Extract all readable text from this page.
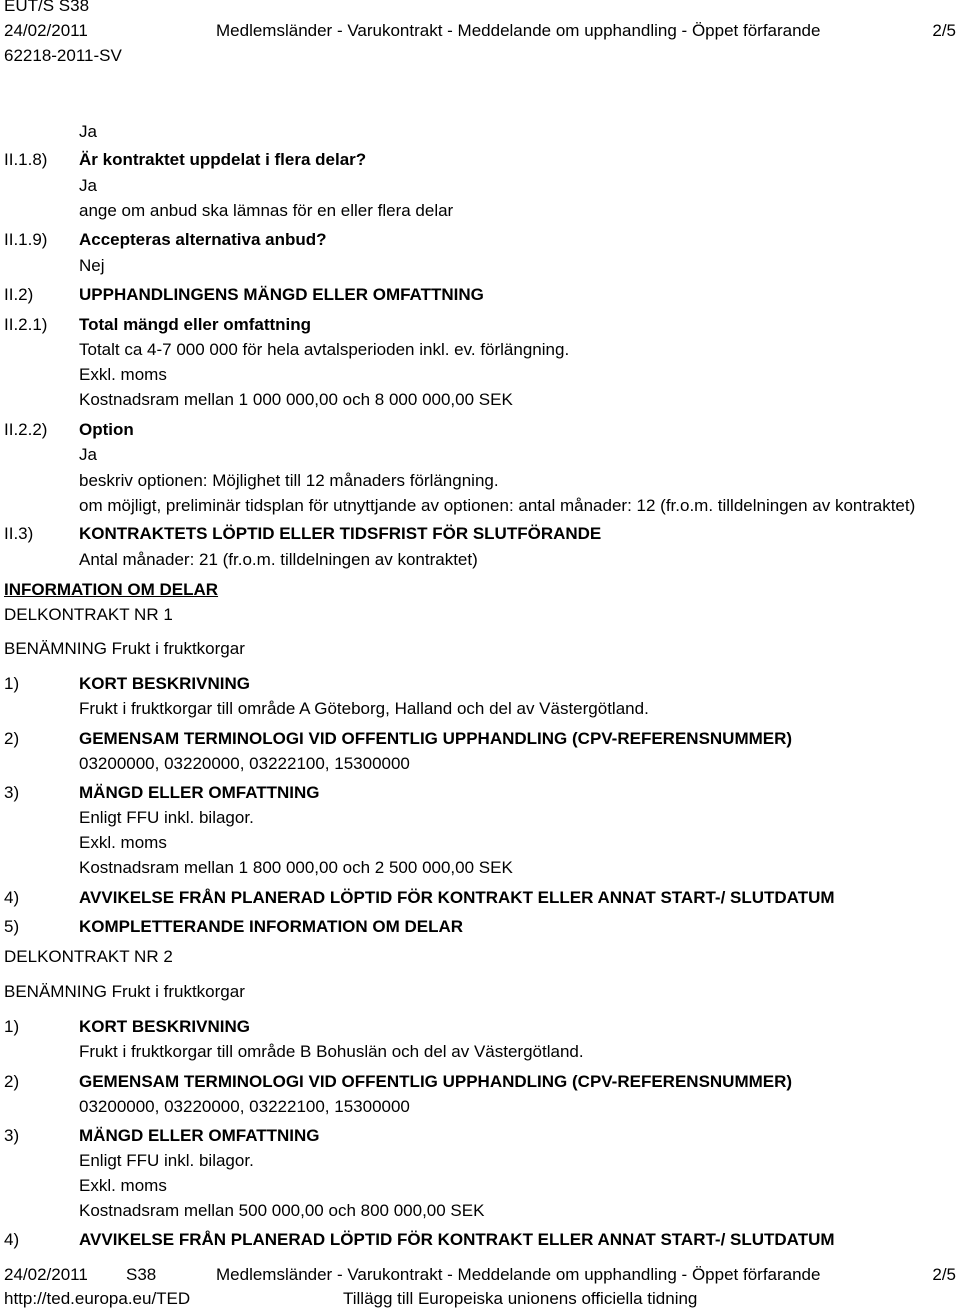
EUT/S S38
24/02/2011	Medlemsländer - Varukontrakt - Meddelande om upphandling - Öppet förfarande	2/5
62218-2011-SV
Ja
II.1.8) Är kontraktet uppdelat i flera delar?
Ja
ange om anbud ska lämnas för en eller flera delar
II.1.9) Accepteras alternativa anbud?
Nej
II.2)	UPPHANDLINGENS MÄNGD ELLER OMFATTNING
II.2.1) Total mängd eller omfattning
Totalt ca 4-7 000 000 för hela avtalsperioden inkl. ev. förlängning.
Exkl. moms
Kostnadsram mellan 1 000 000,00 och 8 000 000,00 SEK
II.2.2) Option
Ja
beskriv optionen: Möjlighet till 12 månaders förlängning.
om möjligt, preliminär tidsplan för utnyttjande av optionen: antal månader: 12 (fr.o.m. tilldelningen av kontraktet)
II.3)	KONTRAKTETS LÖPTID ELLER TIDSFRIST FÖR SLUTFÖRANDE
Antal månader: 21 (fr.o.m. tilldelningen av kontraktet)
INFORMATION OM DELAR
DELKONTRAKT NR 1
BENÄMNING Frukt i fruktkorgar
1)	KORT BESKRIVNING
Frukt i fruktkorgar till område A Göteborg, Halland och del av Västergötland.
2)	GEMENSAM TERMINOLOGI VID OFFENTLIG UPPHANDLING (CPV-REFERENSNUMMER)
03200000, 03220000, 03222100, 15300000
3)	MÄNGD ELLER OMFATTNING
Enligt FFU inkl. bilagor.
Exkl. moms
Kostnadsram mellan 1 800 000,00 och 2 500 000,00 SEK
4)	AVVIKELSE FRÅN PLANERAD LÖPTID FÖR KONTRAKT ELLER ANNAT START-/ SLUTDATUM
5)	KOMPLETTERANDE INFORMATION OM DELAR
DELKONTRAKT NR 2
BENÄMNING Frukt i fruktkorgar
1)	KORT BESKRIVNING
Frukt i fruktkorgar till område B Bohuslän och del av Västergötland.
2)	GEMENSAM TERMINOLOGI VID OFFENTLIG UPPHANDLING (CPV-REFERENSNUMMER)
03200000, 03220000, 03222100, 15300000
3)	MÄNGD ELLER OMFATTNING
Enligt FFU inkl. bilagor.
Exkl. moms
Kostnadsram mellan 500 000,00 och 800 000,00 SEK
4)	AVVIKELSE FRÅN PLANERAD LÖPTID FÖR KONTRAKT ELLER ANNAT START-/ SLUTDATUM
24/02/2011 S38	Medlemsländer - Varukontrakt - Meddelande om upphandling - Öppet förfarande	2/5
http://ted.europa.eu/TED	Tillägg till Europeiska unionens officiella tidning
